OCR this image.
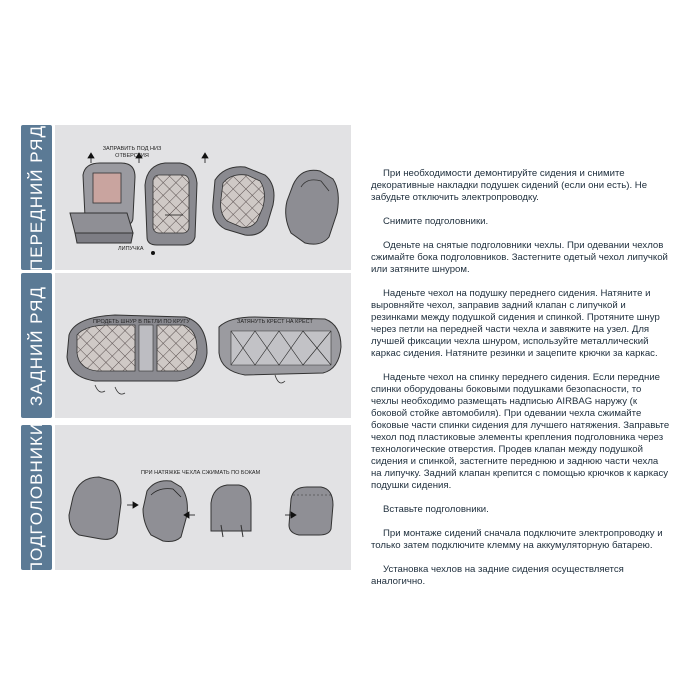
ПЕРЕДНИЙ РЯД	ЗАПРАВИТЬ ПОД НИЗ ОТВЕРСТИЯ
ЛИПУЧКА
ЗАДНИЙ РЯД	ПРОДЕТЬ ШНУР В ПЕТЛИ ПО КРУГУ	ЗАТЯНУТЬ КРЕСТ НА КРЕСТ
ПОДГОЛОВНИКИ	ПРИ НАТЯЖКЕ ЧЕХЛА СЖИМАТЬ ПО БОКАМ

При необходимости демонтируйте сидения и снимите декоративные накладки подушек сидений (если они есть). Не забудьте отключить электропроводку.

Снимите подголовники.

Оденьте на снятые подголовники чехлы. При одевании чехлов сжимайте бока подголовников. Застегните одетый чехол липучкой или затяните шнуром.

Наденьте чехол на подушку переднего сидения. Натяните и выровняйте чехол, заправив задний клапан с липучкой и резинками между подушкой сидения и спинкой. Протяните шнур через петли на передней части чехла и завяжите на узел. Для лучшей фиксации чехла шнуром, используйте металлический каркас сидения. Натяните резинки и зацепите крючки за каркас.

Наденьте чехол на спинку переднего сидения. Если передние спинки оборудованы боковыми подушками безопасности, то чехлы необходимо размещать надписью AIRBAG наружу (к боковой стойке автомобиля). При одевании чехла сжимайте боковые части спинки сидения для лучшего натяжения. Заправьте чехол под пластиковые элементы крепления подголовника через технологические отверстия. Продев клапан между подушкой сидения и спинкой, застегните переднюю и заднюю части чехла на липучку. Задний клапан крепится с помощью крючков к каркасу подушки сидения.

Вставьте подголовники.

При монтаже сидений сначала подключите электропроводку и только затем подключите клемму на аккумуляторную батарею.

Установка чехлов на задние сидения осуществляется аналогично.
